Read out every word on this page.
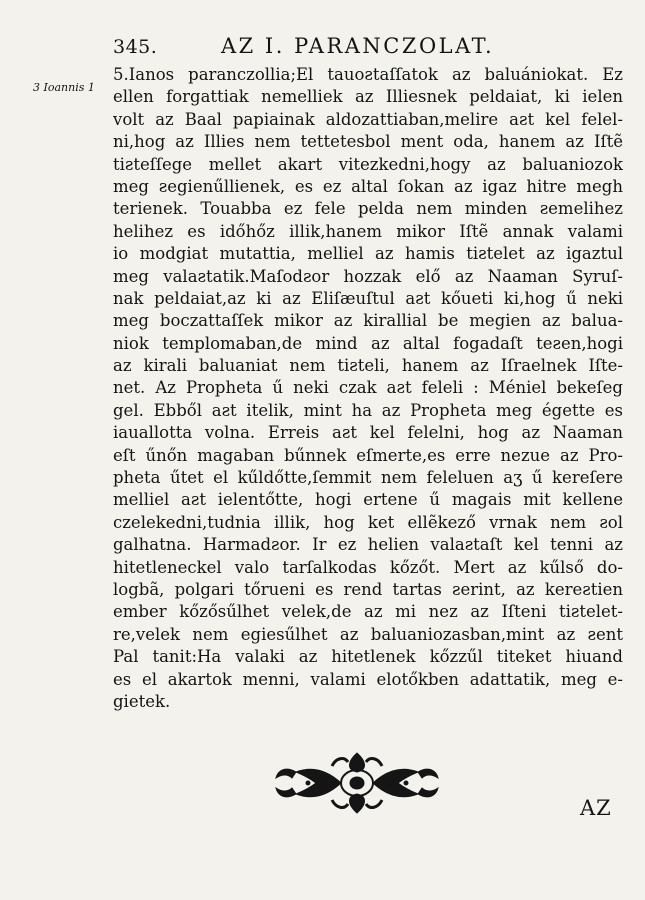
345.	AZ I. PARANCZOLAT.
3 Ioannis 1
5.Ianos paranczollia;El tauoƨtaſſatok az baluániokat. Ez
ellen forgattiak nemelliek az Illiesnek peldaiat, ki ielen
volt az Baal papiainak aldozattiaban,melire aƨt kel felel-
ni,hog az Illies nem tettetesbol ment oda, hanem az Iſtẽ
tiƨteſſege mellet akart vitezkedni,hogy az baluaniozok
meg ƨegienűllienek, es ez altal ſokan az igaz hitre megh
terienek. Touabba ez fele pelda nem minden ƨemelihez
helihez es időhőz illik,hanem mikor Iſtẽ annak valami
io modgiat mutattia, melliel az hamis tiƨtelet az igaztul
meg valaƨtatik.Maſodƨor hozzak elő az Naaman Syruſ-
nak peldaiat,az ki az Eliſæuſtul aƨt kőueti ki,hog ű neki
meg boczattaſſek mikor az kirallial be megien az balua-
niok templomaban,de mind az altal fogadaſt teƨen,hogi
az kirali baluaniat nem tiƨteli, hanem az Iſraelnek Iſte-
net. Az Propheta ű neki czak aƨt feleli : Méniel bekeſeg
gel. Ebből aƨt itelik, mint ha az Propheta meg égette es
iauallotta volna. Erreis aƨt kel felelni, hog az Naaman
eſt űnőn magaban bűnnek eſmerte,es erre nezue az Pro-
pheta űtet el kűldőtte,ſemmit nem feleluen aʒ ű kereſere
melliel aƨt ielentőtte, hogi ertene ű magais mit kellene
czelekedni,tudnia illik, hog ket ellẽkező vrnak nem ƨol
galhatna. Harmadƨor. Ir ez helien valaƨtaſt kel tenni az
hitetleneckel valo tarſalkodas kőzőt. Mert az kűlső do-
logbã, polgari tőrueni es rend tartas ƨerint, az kereƨtien
ember kőzősűlhet velek,de az mi nez az Iſteni tiƨtelet-
re,velek nem egiesűlhet az baluaniozasban,mint az ƨent
Pal tanit:Ha valaki az hitetlenek kőzzűl titeket hiuand
es el akartok menni, valami elotőkben adattatik, meg e-
gietek.
AZ
